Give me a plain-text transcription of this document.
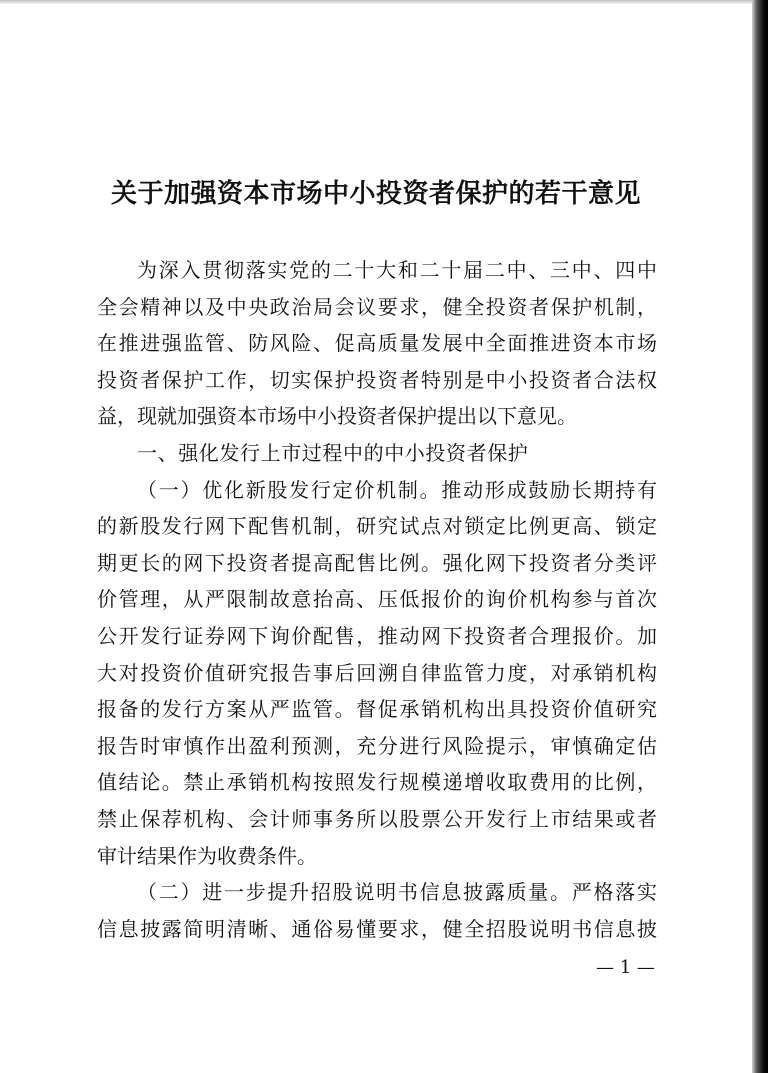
关于加强资本市场中小投资者保护的若干意见
为深入贯彻落实党的二十大和二十届二中、三中、四中
全会精神以及中央政治局会议要求，健全投资者保护机制，
在推进强监管、防风险、促高质量发展中全面推进资本市场
投资者保护工作，切实保护投资者特别是中小投资者合法权
益，现就加强资本市场中小投资者保护提出以下意见。
一、强化发行上市过程中的中小投资者保护
（一）优化新股发行定价机制。推动形成鼓励长期持有
的新股发行网下配售机制，研究试点对锁定比例更高、锁定
期更长的网下投资者提高配售比例。强化网下投资者分类评
价管理，从严限制故意抬高、压低报价的询价机构参与首次
公开发行证券网下询价配售，推动网下投资者合理报价。加
大对投资价值研究报告事后回溯自律监管力度，对承销机构
报备的发行方案从严监管。督促承销机构出具投资价值研究
报告时审慎作出盈利预测，充分进行风险提示，审慎确定估
值结论。禁止承销机构按照发行规模递增收取费用的比例，
禁止保荐机构、会计师事务所以股票公开发行上市结果或者
审计结果作为收费条件。
（二）进一步提升招股说明书信息披露质量。严格落实
信息披露简明清晰、通俗易懂要求，健全招股说明书信息披
— 1 —
